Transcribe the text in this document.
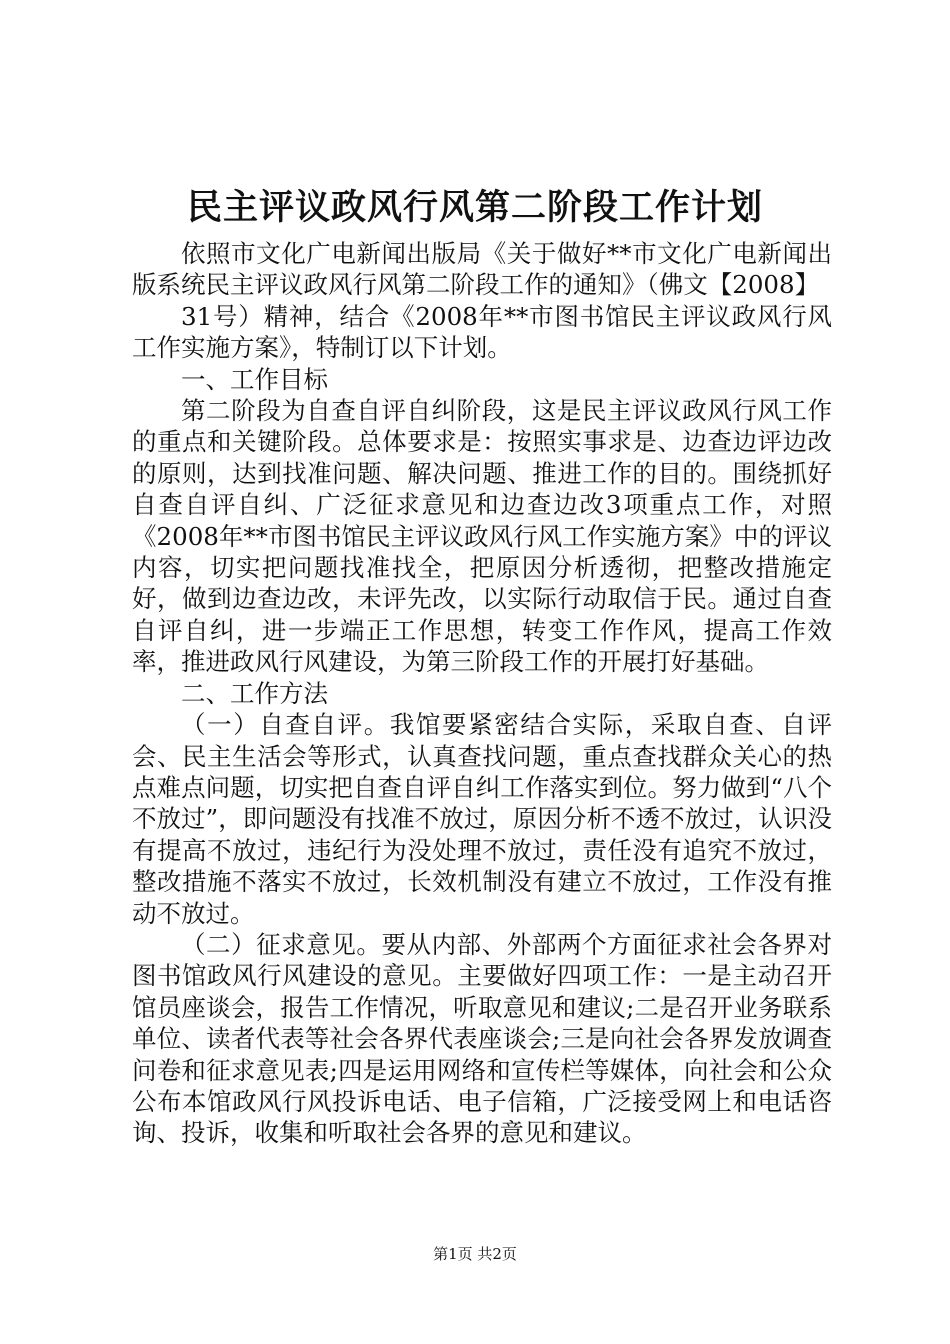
民主评议政风行风第二阶段工作计划

依照市文化广电新闻出版局《关于做好**市文化广电新闻出版系统民主评议政风行风第二阶段工作的通知》（佛文【2008】

31号）精神，结合《2008年**市图书馆民主评议政风行风工作实施方案》，特制订以下计划。

一、工作目标

第二阶段为自查自评自纠阶段，这是民主评议政风行风工作的重点和关键阶段。总体要求是：按照实事求是、边查边评边改的原则，达到找准问题、解决问题、推进工作的目的。围绕抓好自查自评自纠、广泛征求意见和边查边改3项重点工作，对照《2008年**市图书馆民主评议政风行风工作实施方案》中的评议内容，切实把问题找准找全，把原因分析透彻，把整改措施定好，做到边查边改，未评先改，以实际行动取信于民。通过自查自评自纠，进一步端正工作思想，转变工作作风，提高工作效率，推进政风行风建设，为第三阶段工作的开展打好基础。

二、工作方法

（一）自查自评。我馆要紧密结合实际，采取自查、自评会、民主生活会等形式，认真查找问题，重点查找群众关心的热点难点问题，切实把自查自评自纠工作落实到位。努力做到“八个不放过”，即问题没有找准不放过，原因分析不透不放过，认识没有提高不放过，违纪行为没处理不放过，责任没有追究不放过，整改措施不落实不放过，长效机制没有建立不放过，工作没有推动不放过。

（二）征求意见。要从内部、外部两个方面征求社会各界对图书馆政风行风建设的意见。主要做好四项工作：一是主动召开馆员座谈会，报告工作情况，听取意见和建议;二是召开业务联系单位、读者代表等社会各界代表座谈会;三是向社会各界发放调查问卷和征求意见表;四是运用网络和宣传栏等媒体，向社会和公众公布本馆政风行风投诉电话、电子信箱，广泛接受网上和电话咨询、投诉，收集和听取社会各界的意见和建议。

第1页 共2页
